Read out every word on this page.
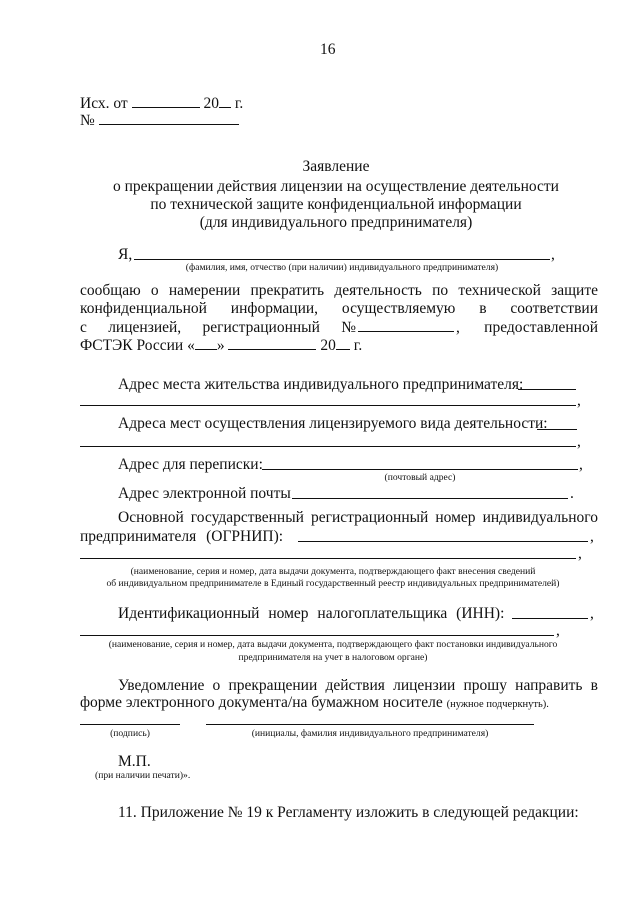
16
Исх. от	20 г.
№
Заявление
о прекращении действия лицензии на осуществление деятельности
по технической защите конфиденциальной информации
(для индивидуального предпринимателя)
Я,	,
(фамилия, имя, отчество (при наличии) индивидуального предпринимателя)
сообщаю о намерении прекратить деятельность по технической защите
конфиденциальной информации, осуществляемую в соответствии
с лицензией, регистрационный №	, предоставленной
ФСТЭК России « »	20 г.
Адрес места жительства индивидуального предпринимателя:
,
Адреса мест осуществления лицензируемого вида деятельности:
,
Адрес для переписки:	,
(почтовый адрес)
Адрес электронной почты	.
Основной государственный регистрационный номер индивидуального
предпринимателя (ОГРНИП):	,
,
(наименование, серия и номер, дата выдачи документа, подтверждающего факт внесения сведений
об индивидуальном предпринимателе в Единый государственный реестр индивидуальных предпринимателей)
Идентификационный номер налогоплательщика (ИНН):	,
,
(наименование, серия и номер, дата выдачи документа, подтверждающего факт постановки индивидуального
предпринимателя на учет в налоговом органе)
Уведомление о прекращении действия лицензии прошу направить в
форме электронного документа/на бумажном носителе (нужное подчеркнуть).
(подпись)	(инициалы, фамилия индивидуального предпринимателя)
М.П.
(при наличии печати)».
11. Приложение № 19 к Регламенту изложить в следующей редакции:
